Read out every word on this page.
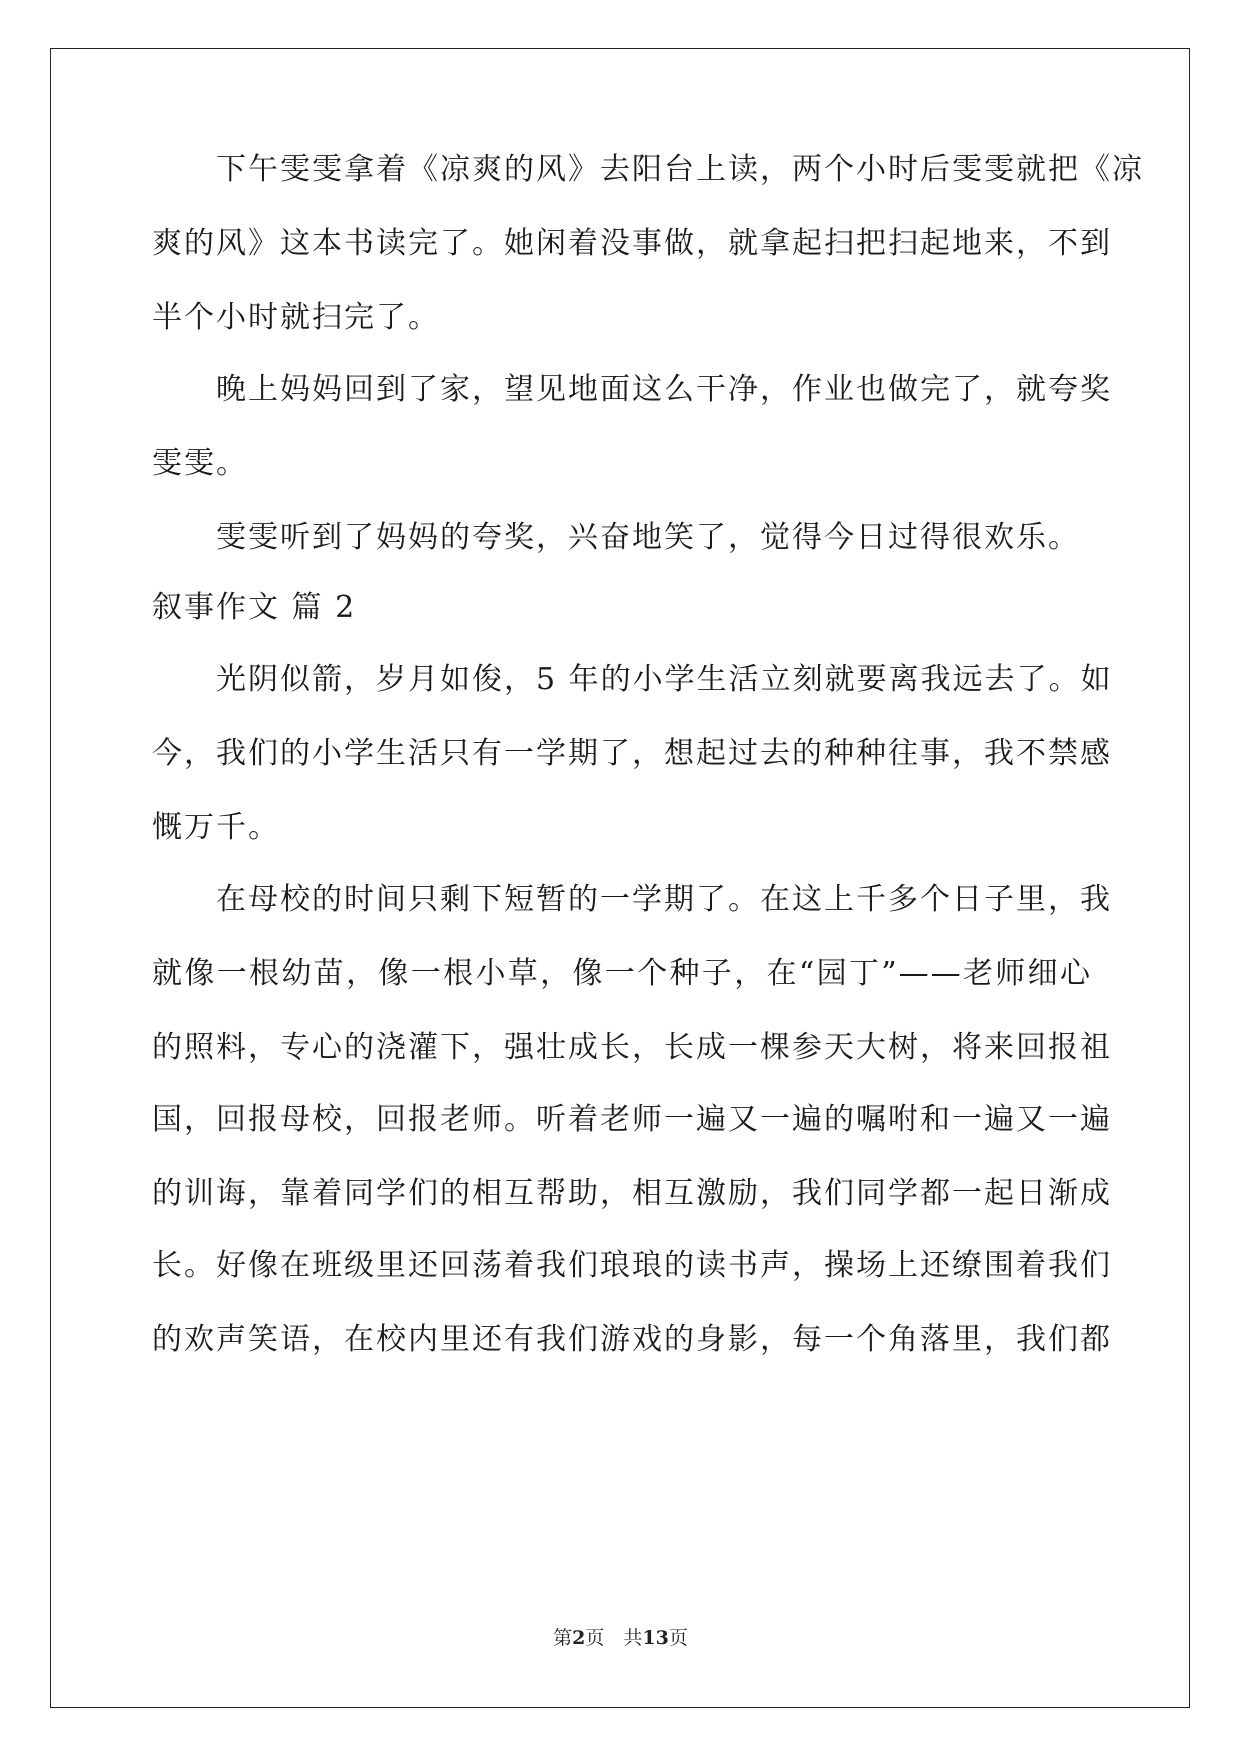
　　下午雯雯拿着《凉爽的风》去阳台上读，两个小时后雯雯就把《凉
爽的风》这本书读完了。她闲着没事做，就拿起扫把扫起地来，不到
半个小时就扫完了。
　　晚上妈妈回到了家，望见地面这么干净，作业也做完了，就夸奖
雯雯。
　　雯雯听到了妈妈的夸奖，兴奋地笑了，觉得今日过得很欢乐。
叙事作文 篇 2
　　光阴似箭，岁月如俊，5 年的小学生活立刻就要离我远去了。如
今，我们的小学生活只有一学期了，想起过去的种种往事，我不禁感
慨万千。
　　在母校的时间只剩下短暂的一学期了。在这上千多个日子里，我
就像一根幼苗，像一根小草，像一个种子，在“园丁”——老师细心
的照料，专心的浇灌下，强壮成长，长成一棵参天大树，将来回报祖
国，回报母校，回报老师。听着老师一遍又一遍的嘱咐和一遍又一遍
的训诲，靠着同学们的相互帮助，相互激励，我们同学都一起日渐成
长。好像在班级里还回荡着我们琅琅的读书声，操场上还缭围着我们
的欢声笑语，在校内里还有我们游戏的身影，每一个角落里，我们都
第2页　共13页
